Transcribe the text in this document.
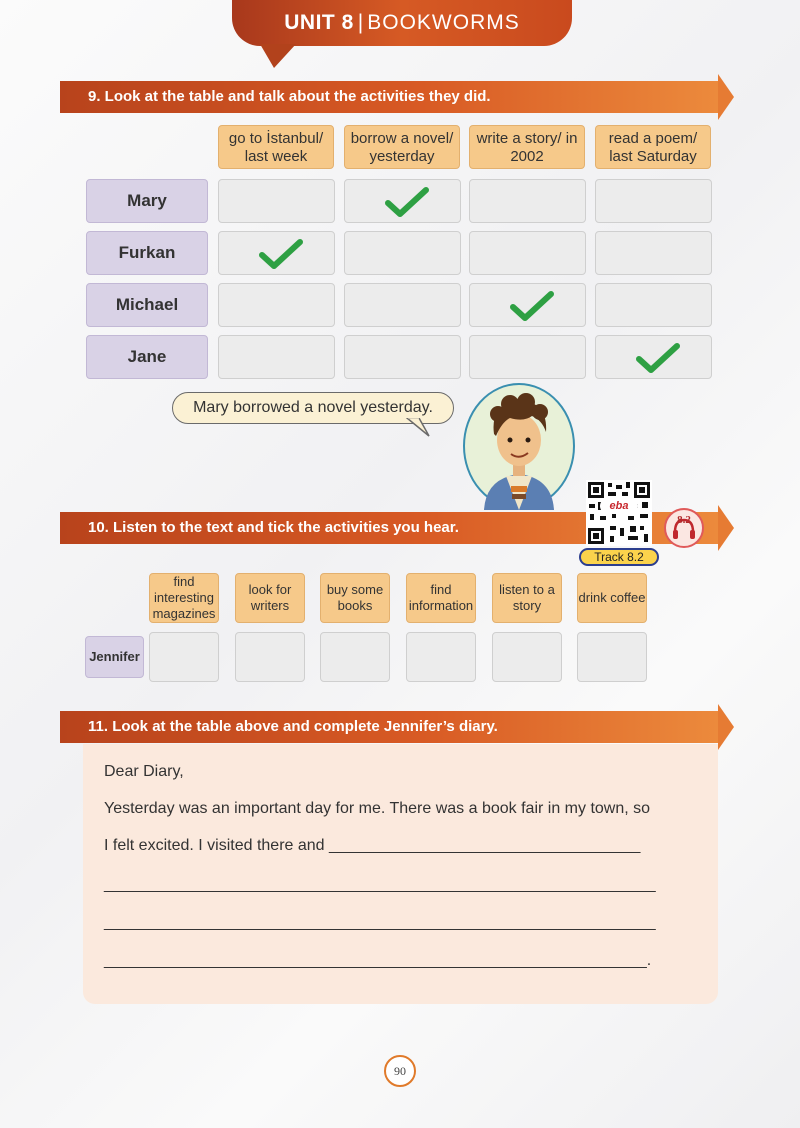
UNIT 8 | BOOKWORMS
9. Look at the table and talk about the activities they did.
go to İstanbul/ last week
borrow a novel/ yesterday
write a story/ in 2002
read a poem/ last Saturday
Mary
Furkan
Michael
Jane
Mary borrowed a novel yesterday.
10. Listen to the text and tick the activities you hear.
eba
8.2
Track 8.2
find interesting magazines
look for writers
buy some books
find information
listen to a story
drink coffee
Jennifer
11. Look at the table above and complete Jennifer’s diary.
Dear Diary,
Yesterday was an important day for me. There was a book fair in my town, so
I felt excited. I visited there and ___________________________________
______________________________________________________________
______________________________________________________________
_____________________________________________________________.
90
